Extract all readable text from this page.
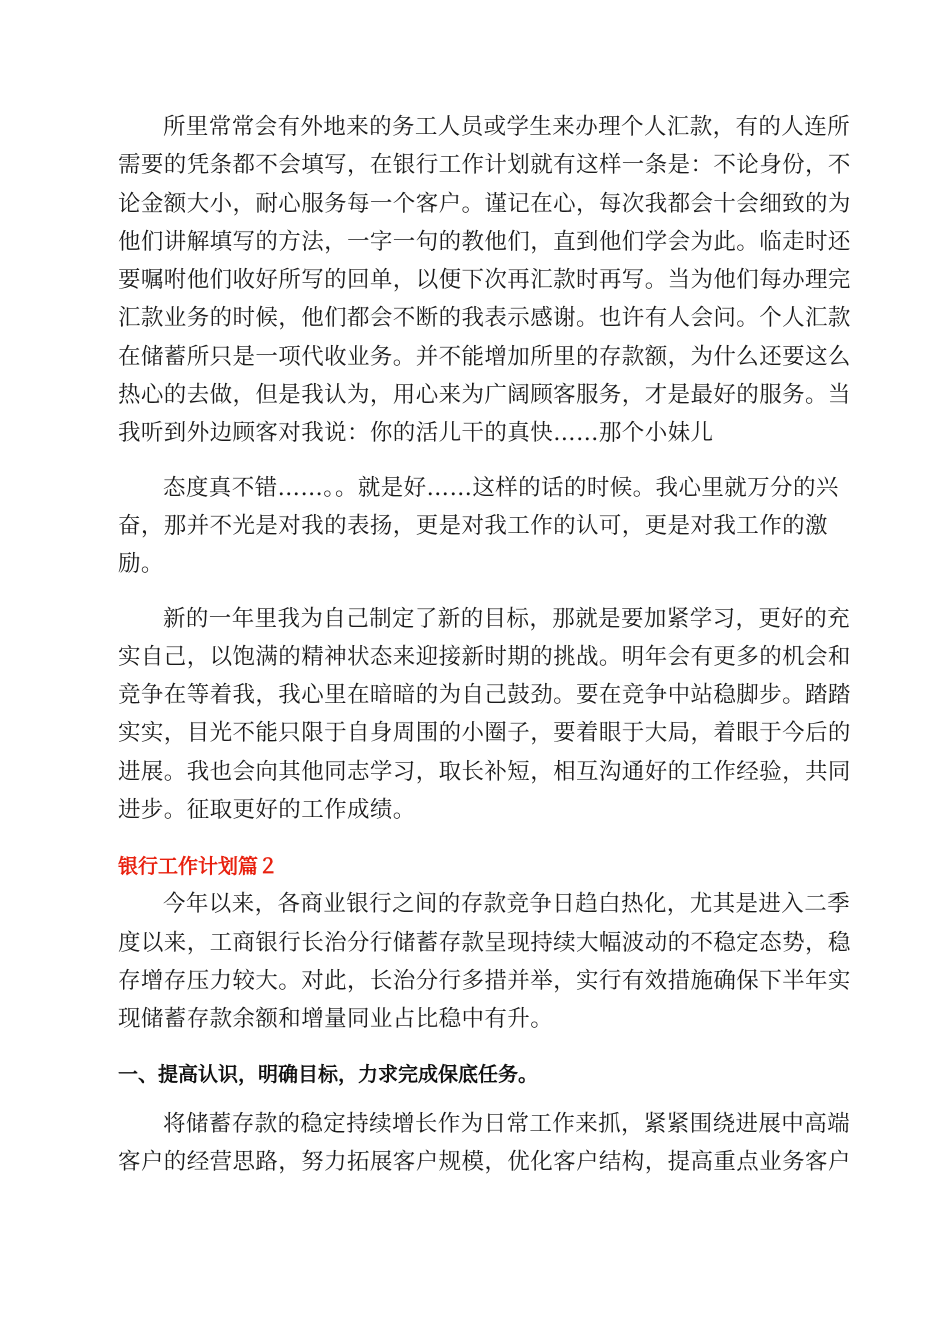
所里常常会有外地来的务工人员或学生来办理个人汇款，有的人连所
需要的凭条都不会填写，在银行工作计划就有这样一条是：不论身份，不
论金额大小，耐心服务每一个客户。谨记在心，每次我都会十会细致的为
他们讲解填写的方法，一字一句的教他们，直到他们学会为此。临走时还
要嘱咐他们收好所写的回单，以便下次再汇款时再写。当为他们每办理完
汇款业务的时候，他们都会不断的我表示感谢。也许有人会问。个人汇款
在储蓄所只是一项代收业务。并不能增加所里的存款额，为什么还要这么
热心的去做，但是我认为，用心来为广阔顾客服务，才是最好的服务。当
我听到外边顾客对我说：你的活儿干的真快……那个小妹儿

态度真不错……。。就是好……这样的话的时候。我心里就万分的兴
奋，那并不光是对我的表扬，更是对我工作的认可，更是对我工作的激
励。

新的一年里我为自己制定了新的目标，那就是要加紧学习，更好的充
实自己，以饱满的精神状态来迎接新时期的挑战。明年会有更多的机会和
竞争在等着我，我心里在暗暗的为自己鼓劲。要在竞争中站稳脚步。踏踏
实实，目光不能只限于自身周围的小圈子，要着眼于大局，着眼于今后的
进展。我也会向其他同志学习，取长补短，相互沟通好的工作经验，共同
进步。征取更好的工作成绩。

银行工作计划篇２

今年以来，各商业银行之间的存款竞争日趋白热化，尤其是进入二季
度以来，工商银行长治分行储蓄存款呈现持续大幅波动的不稳定态势，稳
存增存压力较大。对此，长治分行多措并举，实行有效措施确保下半年实
现储蓄存款余额和增量同业占比稳中有升。

一、提高认识，明确目标，力求完成保底任务。

将储蓄存款的稳定持续增长作为日常工作来抓，紧紧围绕进展中高端
客户的经营思路，努力拓展客户规模，优化客户结构，提高重点业务客户
